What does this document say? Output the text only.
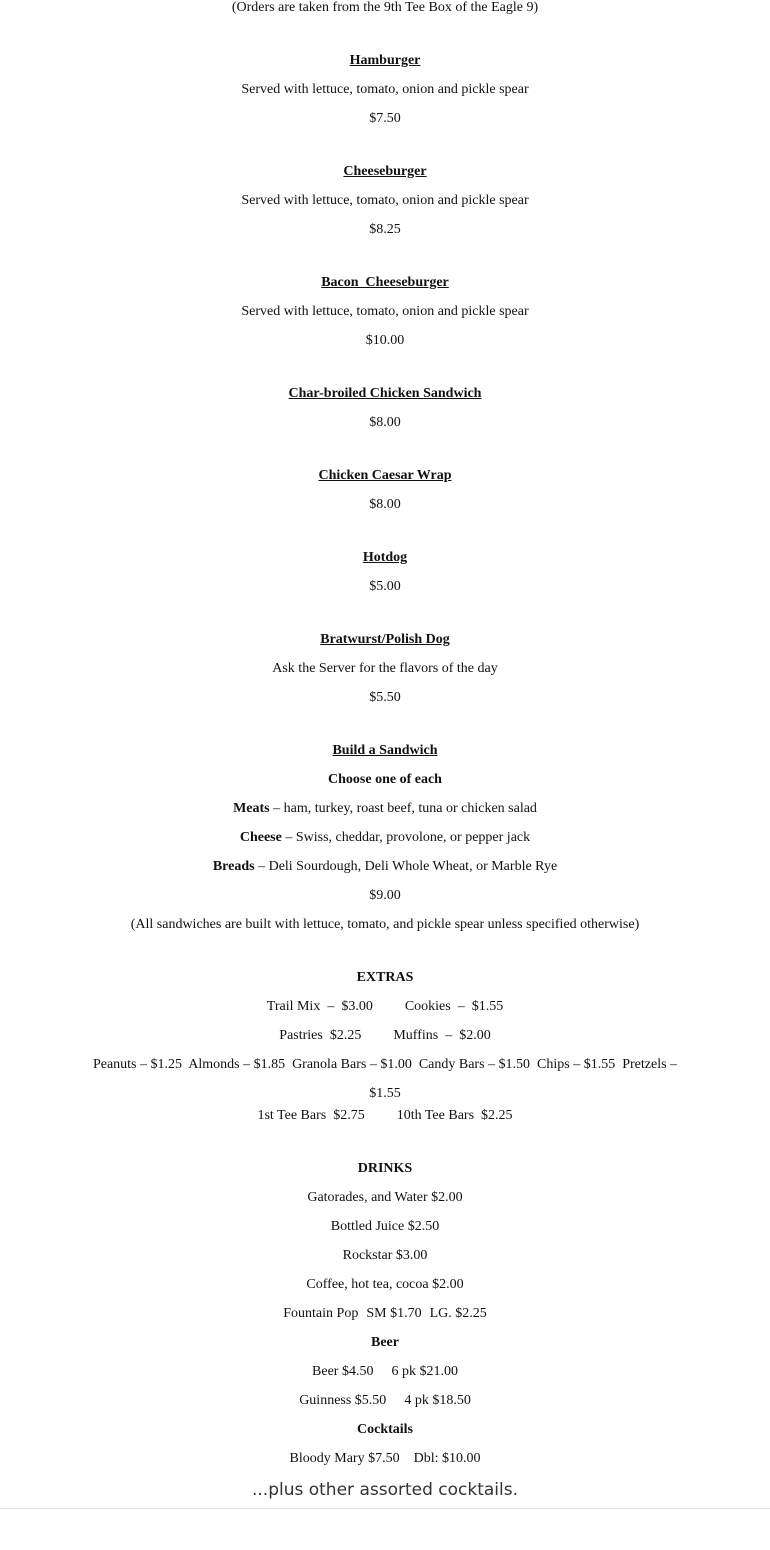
(Orders are taken from the 9th Tee Box of the Eagle 9)
Hamburger
Served with lettuce, tomato, onion and pickle spear
$7.50
Cheeseburger
Served with lettuce, tomato, onion and pickle spear
$8.25
Bacon  Cheeseburger
Served with lettuce, tomato, onion and pickle spear
$10.00
Char-broiled Chicken Sandwich
$8.00
Chicken Caesar Wrap
$8.00
Hotdog
$5.00
Bratwurst/Polish Dog
Ask the Server for the flavors of the day
$5.50
Build a Sandwich
Choose one of each
Meats – ham, turkey, roast beef, tuna or chicken salad
Cheese – Swiss, cheddar, provolone, or pepper jack
Breads – Deli Sourdough, Deli Whole Wheat, or Marble Rye
$9.00
(All sandwiches are built with lettuce, tomato, and pickle spear unless specified otherwise)
EXTRAS
Trail Mix  –  $3.00 Cookies  –  $1.55
Pastries  $2.25 Muffins  –  $2.00
Peanuts – $1.25  Almonds – $1.85  Granola Bars – $1.00  Candy Bars – $1.50  Chips – $1.55  Pretzels – $1.55
1st Tee Bars  $2.75 10th Tee Bars  $2.25
DRINKS
Gatorades, and Water $2.00
Bottled Juice $2.50
Rockstar $3.00
Coffee, hot tea, cocoa $2.00
Fountain Pop SM $1.70 LG. $2.25
Beer
Beer $4.50 6 pk $21.00
Guinness $5.50 4 pk $18.50
Cocktails
Bloody Mary $7.50 Dbl: $10.00
...plus other assorted cocktails.
